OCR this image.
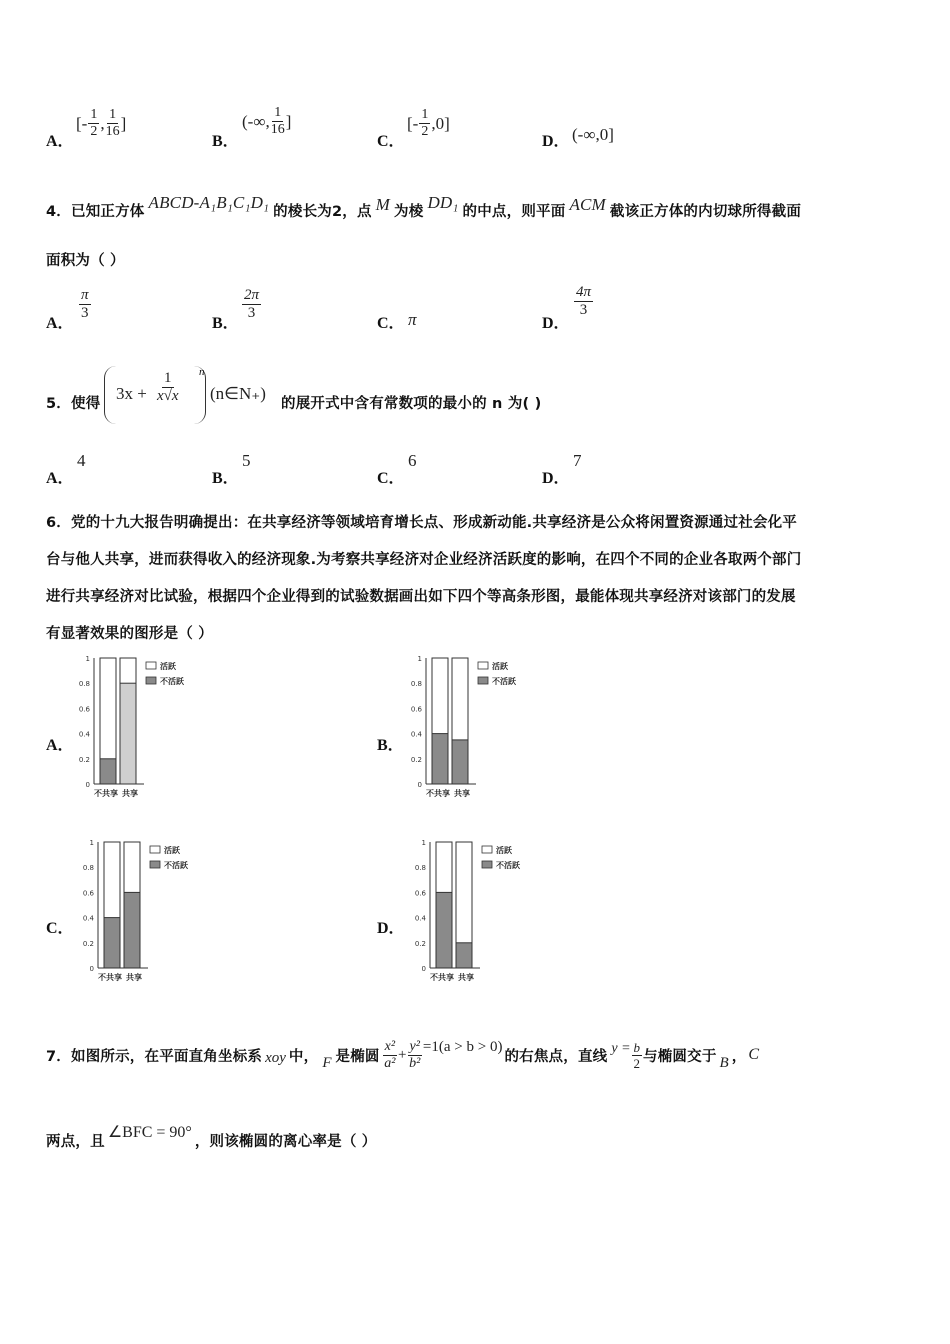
A．
[- $\frac{1}{2}$ , $\frac{1}{16}$ ]
B．
(-∞, $\frac{1}{16}$ ]
C．
[- $\frac{1}{2} ,0$]
D． (-∞,0]
4．已知正方体
ABCD-A₁B₁C₁D₁
的棱长为2，点 M 为棱
DD₁
的中点，则平面 ACM 截该正方体的内切球所得截面
面积为（ ）
A．
$\frac{\pi}{3}$
B．
$\frac{2\pi}{3}$
C． π	D．
$\frac{4\pi}{3}$
5．使得
$3x + \frac{1}{x√x}$ n
(n∈N₊)
的展开式中含有常数项的最小的 n 为( )
A．
4
B．
5
C．
6
D．
7
6．党的十九大报告明确提出：在共享经济等领域培育增长点、形成新动能.共享经济是公众将闲置资源通过社会化平
台与他人共享，进而获得收入的经济现象.为考察共享经济对企业经济活跃度的影响，在四个不同的企业各取两个部门
进行共享经济对比试验，根据四个企业得到的试验数据画出如下四个等高条形图，最能体现共享经济对该部门的发展
有显著效果的图形是（ ）
A．	B．
C．	D．
0
0.2
0.4
0.6
0.8
1
不共享 共享
活跃
不活跃
0
0.2
0.4
0.6
0.8
1
不共享 共享
活跃
不活跃
0
0.2
0.4
0.6
0.8
1
不共享 共享
活跃
不活跃
0
0.2
0.4
0.6
0.8
1
不共享 共享
活跃
不活跃
7．如图所示，在平面直角坐标系 xoy 中， F 是椭圆 $\frac{\text{x²}}{\text{a²}} + \frac{\text{y²}}{\text{b²}} =1(a > b > 0)$
的右焦点，直线 $y = \frac{b}{2}$ 与椭圆交于 B ， C
两点，且
∠BFC = 90°
，则该椭圆的离心率是（ ）
